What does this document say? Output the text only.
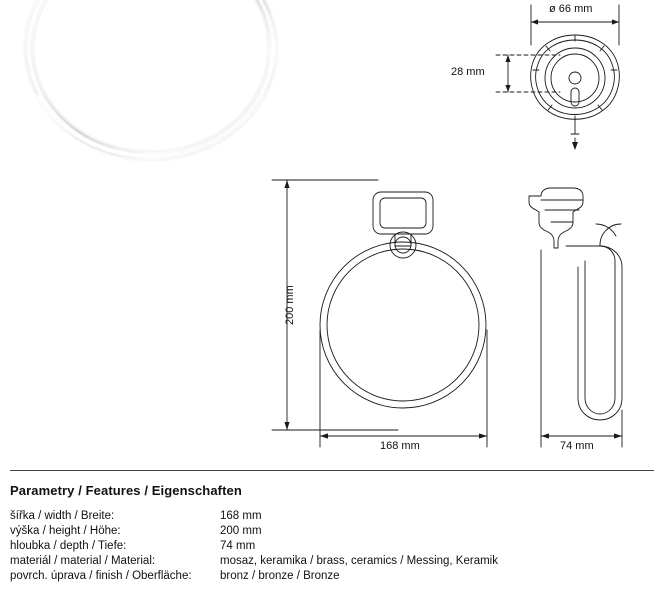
ø 66 mm
28 mm
200 mm
168 mm	74 mm
Parametry / Features / Eigenschaften
šířka / width / Breite:	168 mm
výška / height / Höhe:	200 mm
hloubka / depth / Tiefe:	74 mm
materiál / material / Material:	mosaz, keramika / brass, ceramics / Messing, Keramik
povrch. úprava / finish / Oberfläche:	bronz / bronze / Bronze
